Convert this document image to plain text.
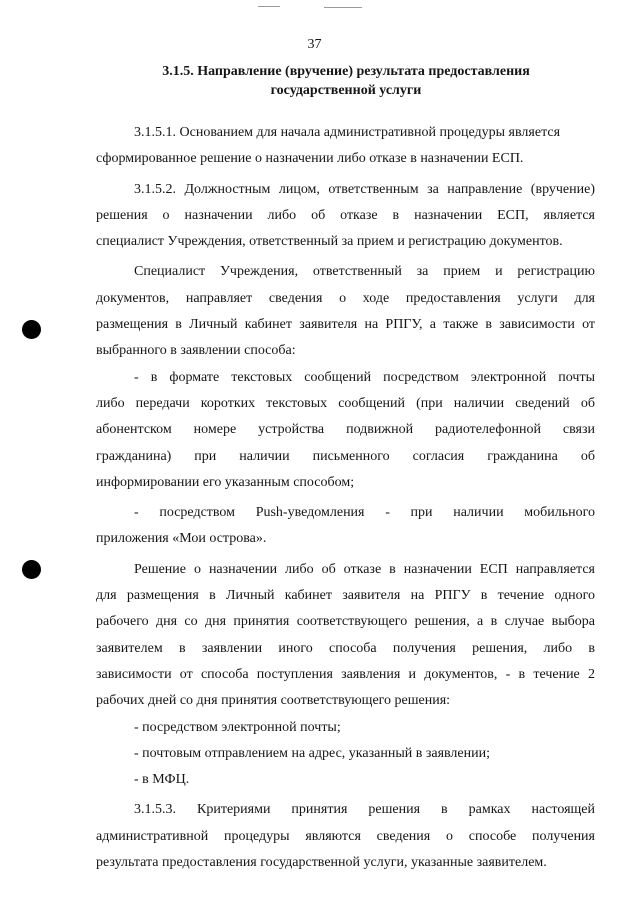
37
3.1.5. Направление (вручение) результата предоставления
государственной услуги
3.1.5.1. Основанием для начала административной процедуры является
сформированное решение о назначении либо отказе в назначении ЕСП.
3.1.5.2. Должностным лицом, ответственным за направление (вручение)
решения о назначении либо об отказе в назначении ЕСП, является
специалист Учреждения, ответственный за прием и регистрацию документов.
Специалист Учреждения, ответственный за прием и регистрацию
документов, направляет сведения о ходе предоставления услуги для
размещения в Личный кабинет заявителя на РПГУ, а также в зависимости от
выбранного в заявлении способа:
- в формате текстовых сообщений посредством электронной почты
либо передачи коротких текстовых сообщений (при наличии сведений об
абонентском номере устройства подвижной радиотелефонной связи
гражданина) при наличии письменного согласия гражданина об
информировании его указанным способом;
- посредством Push-уведомления - при наличии мобильного
приложения «Мои острова».
Решение о назначении либо об отказе в назначении ЕСП направляется
для размещения в Личный кабинет заявителя на РПГУ в течение одного
рабочего дня со дня принятия соответствующего решения, а в случае выбора
заявителем в заявлении иного способа получения решения, либо в
зависимости от способа поступления заявления и документов, - в течение 2
рабочих дней со дня принятия соответствующего решения:
- посредством электронной почты;
- почтовым отправлением на адрес, указанный в заявлении;
- в МФЦ.
3.1.5.3. Критериями принятия решения в рамках настоящей
административной процедуры являются сведения о способе получения
результата предоставления государственной услуги, указанные заявителем.
